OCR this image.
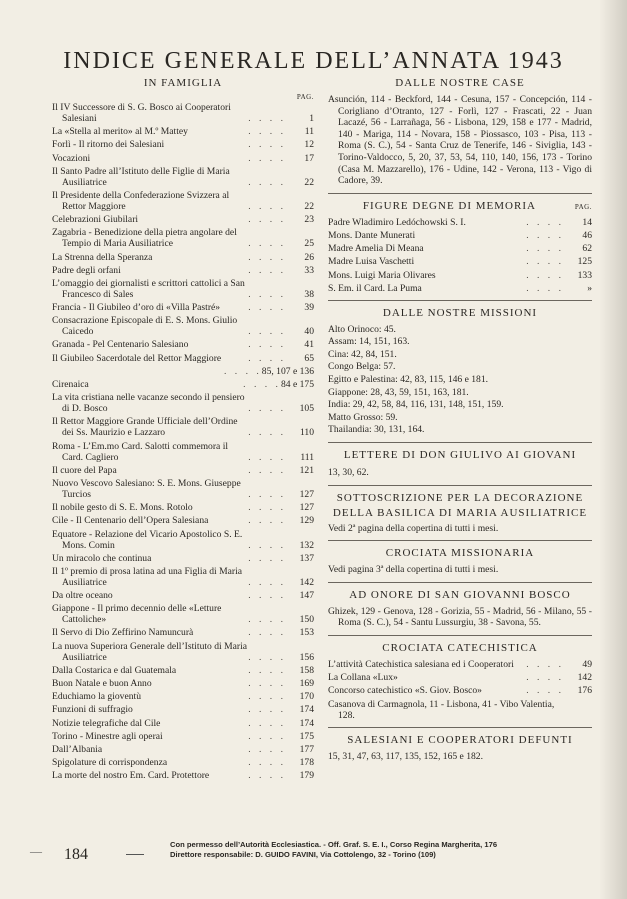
INDICE GENERALE DELL’ANNATA 1943
IN FAMIGLIA
PAG.
Il IV Successore di S. G. Bosco ai Cooperatori Salesiani	. . . .	1
La «Stella al merito» al M.º Mattey	. . . .	11
Forlì - Il ritorno dei Salesiani	. . . .	12
Vocazioni	. . . .	17
Il Santo Padre all’Istituto delle Figlie di Maria Ausiliatrice	. . . .	22
Il Presidente della Confederazione Svizzera al Rettor Maggiore	. . . .	22
Celebrazioni Giubilari	. . . .	23
Zagabria - Benedizione della pietra angolare del Tempio di Maria Ausiliatrice	. . . .	25
La Strenna della Speranza	. . . .	26
Padre degli orfani	. . . .	33
L’omaggio dei giornalisti e scrittori cattolici a San Francesco di Sales	. . . .	38
Francia - Il Giubileo d’oro di «Villa Pastré»	. . . .	39
Consacrazione Episcopale di E. S. Mons. Giulio Caicedo	. . . .	40
Granada - Pel Centenario Salesiano	. . . .	41
Il Giubileo Sacerdotale del Rettor Maggiore	. . . .	65
. . . . 85, 107 e 136
Cirenaica	. . . . 84 e 175
La vita cristiana nelle vacanze secondo il pensiero di D. Bosco	. . . .	105
Il Rettor Maggiore Grande Ufficiale dell’Ordine dei Ss. Maurizio e Lazzaro	. . . .	110
Roma - L’Em.mo Card. Salotti commemora il Card. Cagliero	. . . .	111
Il cuore del Papa	. . . .	121
Nuovo Vescovo Salesiano: S. E. Mons. Giuseppe Turcios	. . . .	127
Il nobile gesto di S. E. Mons. Rotolo	. . . .	127
Cile - Il Centenario dell’Opera Salesiana	. . . .	129
Equatore - Relazione del Vicario Apostolico S. E. Mons. Comin	. . . .	132
Un miracolo che continua	. . . .	137
Il 1º premio di prosa latina ad una Figlia di Maria Ausiliatrice	. . . .	142
Da oltre oceano	. . . .	147
Giappone - Il primo decennio delle «Letture Cattoliche»	. . . .	150
Il Servo di Dio Zeffirino Namuncurà	. . . .	153
La nuova Superiora Generale dell’Istituto di Maria Ausiliatrice	. . . .	156
Dalla Costarica e dal Guatemala	. . . .	158
Buon Natale e buon Anno	. . . .	169
Educhiamo la gioventù	. . . .	170
Funzioni di suffragio	. . . .	174
Notizie telegrafiche dal Cile	. . . .	174
Torino - Minestre agli operai	. . . .	175
Dall’Albania	. . . .	177
Spigolature di corrispondenza	. . . .	178
La morte del nostro Em. Card. Protettore	. . . .	179
DALLE NOSTRE CASE
Asunción, 114 - Beckford, 144 - Cesuna, 157 - Concepción, 114 - Corigliano d’Otranto, 127 - Forlì, 127 - Frascati, 22 - Juan Lacazé, 56 - Larrañaga, 56 - Lisbona, 129, 158 e 177 - Madrid, 140 - Mariga, 114 - Novara, 158 - Piossasco, 103 - Pisa, 113 - Roma (S. C.), 54 - Santa Cruz de Tenerife, 146 - Siviglia, 143 - Torino-Valdocco, 5, 20, 37, 53, 54, 110, 140, 156, 173 - Torino (Casa M. Mazzarello), 176 - Udine, 142 - Verona, 113 - Vigo di Cadore, 39.
FIGURE DEGNE DI MEMORIA	PAG.
Padre Wladimiro Ledóchowski S. I.	. . . .	14
Mons. Dante Munerati	. . . .	46
Madre Amelia Di Meana	. . . .	62
Madre Luisa Vaschetti	. . . .	125
Mons. Luigi Maria Olivares	. . . .	133
S. Em. il Card. La Puma	. . . .	»
DALLE NOSTRE MISSIONI
Alto Orinoco: 45.
Assam: 14, 151, 163.
Cina: 42, 84, 151.
Congo Belga: 57.
Egitto e Palestina: 42, 83, 115, 146 e 181.
Giappone: 28, 43, 59, 151, 163, 181.
India: 29, 42, 58, 84, 116, 131, 148, 151, 159.
Matto Grosso: 59.
Thailandia: 30, 131, 164.
LETTERE DI DON GIULIVO AI GIOVANI
13, 30, 62.
SOTTOSCRIZIONE PER LA DECORAZIONE
DELLA BASILICA DI MARIA AUSILIATRICE
Vedi 2ª pagina della copertina di tutti i mesi.
CROCIATA MISSIONARIA
Vedi pagina 3ª della copertina di tutti i mesi.
AD ONORE DI SAN GIOVANNI BOSCO
Ghizek, 129 - Genova, 128 - Gorizia, 55 - Madrid, 56 - Milano, 55 - Roma (S. C.), 54 - Santu Lussurgiu, 38 - Savona, 55.
CROCIATA CATECHISTICA
L’attività Catechistica salesiana ed i Cooperatori	. . . .	49
La Collana «Lux»	. . . .	142
Concorso catechistico «S. Giov. Bosco»	. . . .	176
Casanova di Carmagnola, 11 - Lisbona, 41 - Vibo Valentia, 128.
SALESIANI E COOPERATORI DEFUNTI
15, 31, 47, 63, 117, 135, 152, 165 e 182.
— 184
Con permesso dell’Autorità Ecclesiastica. - Off. Graf. S. E. I., Corso Regina Margherita, 176
Direttore responsabile: D. GUIDO FAVINI, Via Cottolengo, 32 - Torino (109)
